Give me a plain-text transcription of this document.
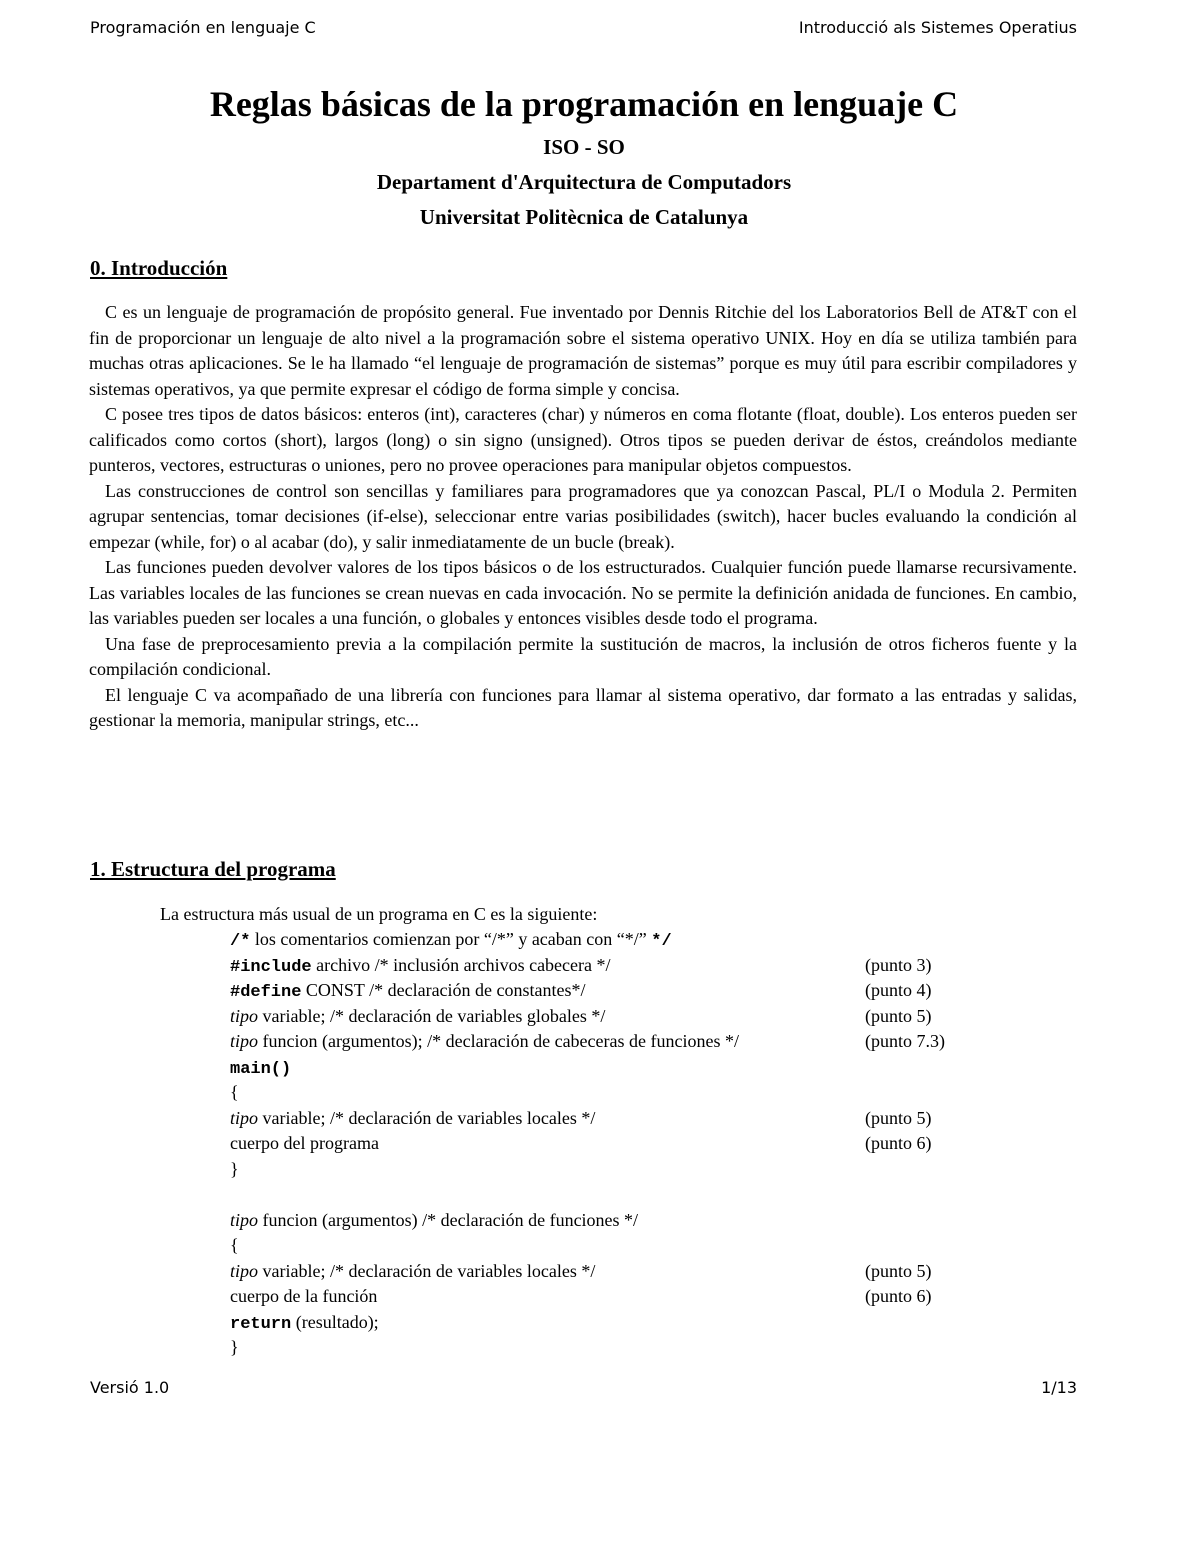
Programación en lenguaje C	Introducció als Sistemes Operatius
Reglas básicas de la programación en lenguaje C

ISO - SO

Departament d'Arquitectura de Computadors

Universitat Politècnica de Catalunya

0. Introducción

C es un lenguaje de programación de propósito general. Fue inventado por Dennis Ritchie del los Laboratorios Bell de AT&T con el fin de proporcionar un lenguaje de alto nivel a la programación sobre el sistema operativo UNIX. Hoy en día se utiliza también para muchas otras aplicaciones. Se le ha llamado “el lenguaje de programación de sistemas” porque es muy útil para escribir compiladores y sistemas operativos, ya que permite expresar el código de forma simple y concisa.

C posee tres tipos de datos básicos: enteros (int), caracteres (char) y números en coma flotante (float, double). Los enteros pueden ser calificados como cortos (short), largos (long) o sin signo (unsigned). Otros tipos se pueden derivar de éstos, creándolos mediante punteros, vectores, estructuras o uniones, pero no provee operaciones para manipular objetos compuestos.

Las construcciones de control son sencillas y familiares para programadores que ya conozcan Pascal, PL/I o Modula 2. Permiten agrupar sentencias, tomar decisiones (if-else), seleccionar entre varias posibilidades (switch), hacer bucles evaluando la condición al empezar (while, for) o al acabar (do), y salir inmediatamente de un bucle (break).

Las funciones pueden devolver valores de los tipos básicos o de los estructurados. Cualquier función puede llamarse recursivamente. Las variables locales de las funciones se crean nuevas en cada invocación. No se permite la definición anidada de funciones. En cambio, las variables pueden ser locales a una función, o globales y entonces visibles desde todo el programa.

Una fase de preprocesamiento previa a la compilación permite la sustitución de macros, la inclusión de otros ficheros fuente y la compilación condicional.

El lenguaje C va acompañado de una librería con funciones para llamar al sistema operativo, dar formato a las entradas y salidas, gestionar la memoria, manipular strings, etc...

1. Estructura del programa
La estructura más usual de un programa en C es la siguiente:
/* los comentarios comienzan por “/*” y acaban con “*/” */
#include archivo /* inclusión archivos cabecera */	(punto 3)
#define CONST /* declaración de constantes*/	(punto 4)
tipo variable; /* declaración de variables globales */	(punto 5)
tipo funcion (argumentos); /* declaración de cabeceras de funciones */	(punto 7.3)
main()
{
tipo variable; /* declaración de variables locales */	(punto 5)
cuerpo del programa	(punto 6)
}
tipo funcion (argumentos) /* declaración de funciones */
{
tipo variable; /* declaración de variables locales */	(punto 5)
cuerpo de la función	(punto 6)
return (resultado);
}
Versió 1.0	1/13
